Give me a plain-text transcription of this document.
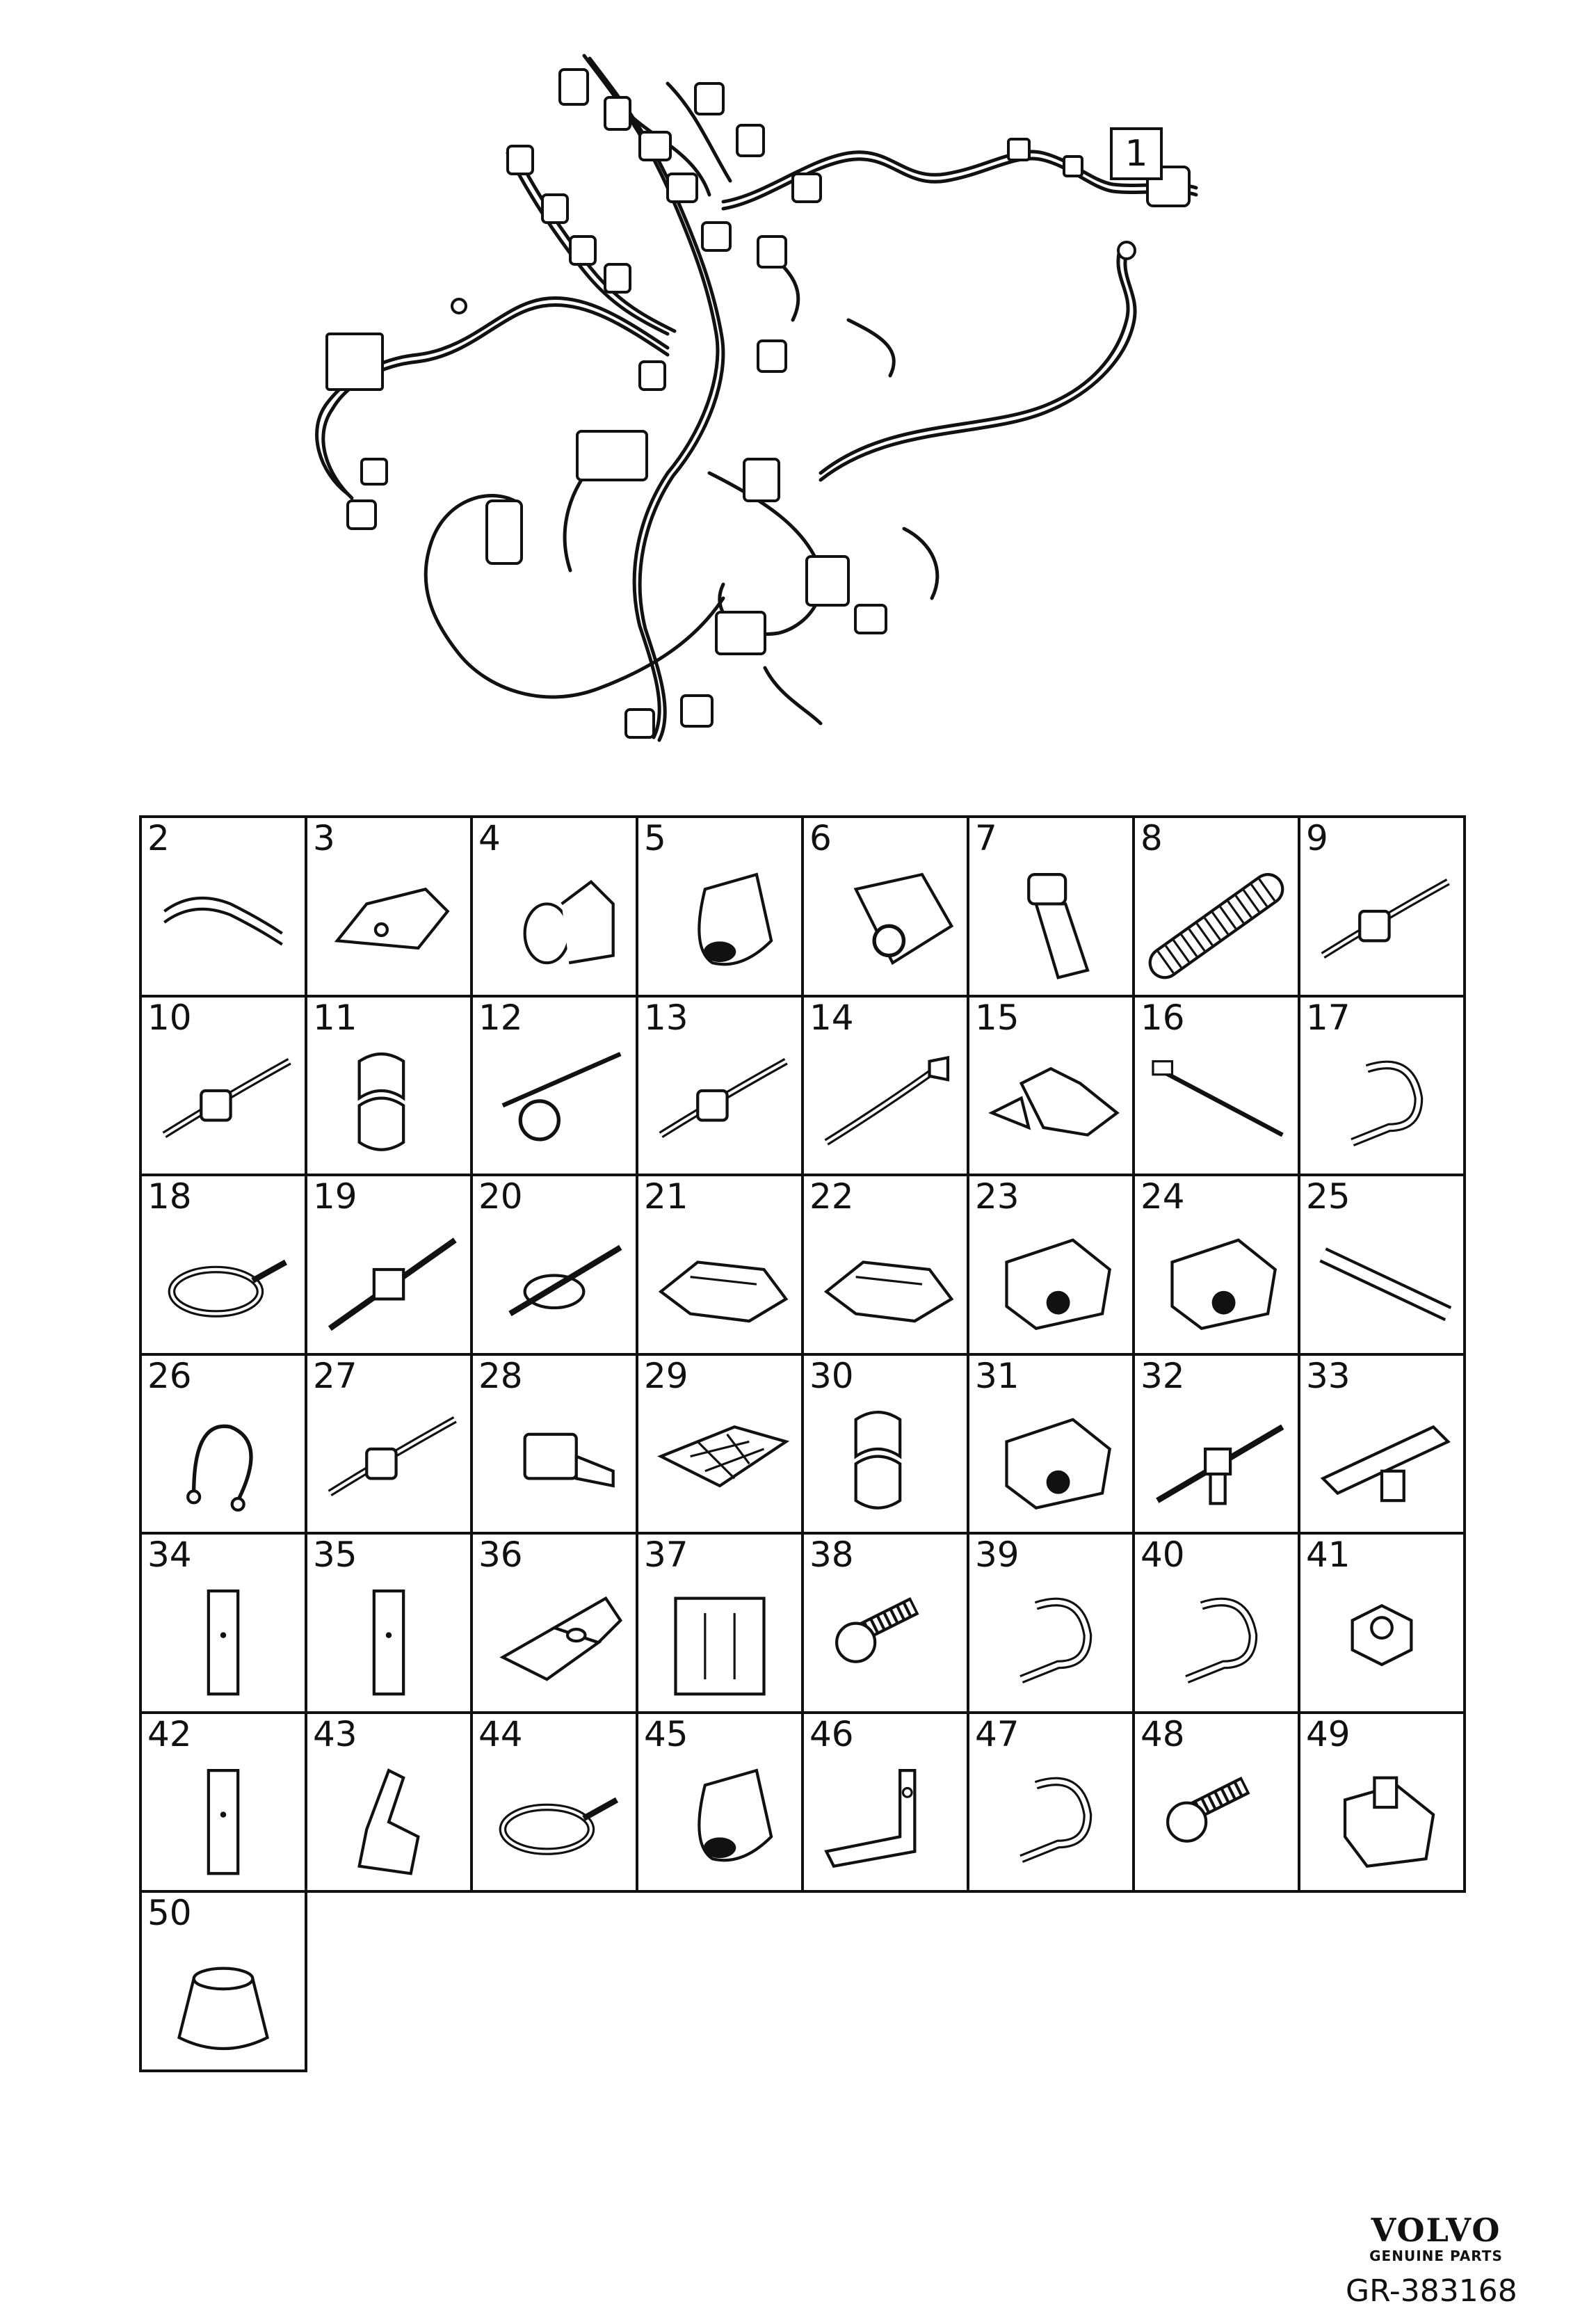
1
2	3	4	5	6	7	8	9
10	11	12	13	14	15	16	17
18	19	20	21	22	23	24	25
26	27	28	29	30	31	32	33
34	35	36	37	38	39	40	41
42	43	44	45	46	47	48	49
50
VOLVO
GENUINE PARTS
GR-383168
